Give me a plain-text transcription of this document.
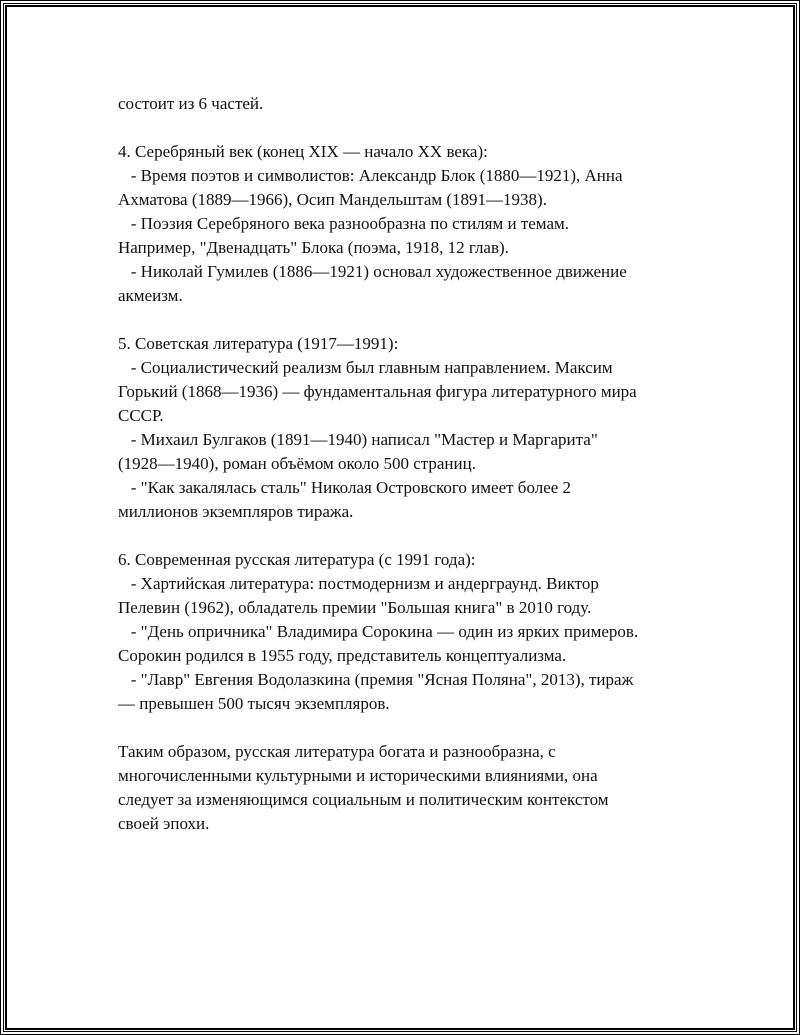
состоит из 6 частей.
4. Серебряный век (конец XIX — начало XX века):
- Время поэтов и символистов: Александр Блок (1880—1921), Анна
Ахматова (1889—1966), Осип Мандельштам (1891—1938).
- Поэзия Серебряного века разнообразна по стилям и темам.
Например, "Двенадцать" Блока (поэма, 1918, 12 глав).
- Николай Гумилев (1886—1921) основал художественное движение
акмеизм.
5. Советская литература (1917—1991):
- Социалистический реализм был главным направлением. Максим
Горький (1868—1936) — фундаментальная фигура литературного мира
СССР.
- Михаил Булгаков (1891—1940) написал "Мастер и Маргарита"
(1928—1940), роман объёмом около 500 страниц.
- "Как закалялась сталь" Николая Островского имеет более 2
миллионов экземпляров тиража.
6. Современная русская литература (с 1991 года):
- Хартийская литература: постмодернизм и андерграунд. Виктор
Пелевин (1962), обладатель премии "Большая книга" в 2010 году.
- "День опричника" Владимира Сорокина — один из ярких примеров.
Сорокин родился в 1955 году, представитель концептуализма.
- "Лавр" Евгения Водолазкина (премия "Ясная Поляна", 2013), тираж
— превышен 500 тысяч экземпляров.
Таким образом, русская литература богата и разнообразна, с
многочисленными культурными и историческими влияниями, она
следует за изменяющимся социальным и политическим контекстом
своей эпохи.
